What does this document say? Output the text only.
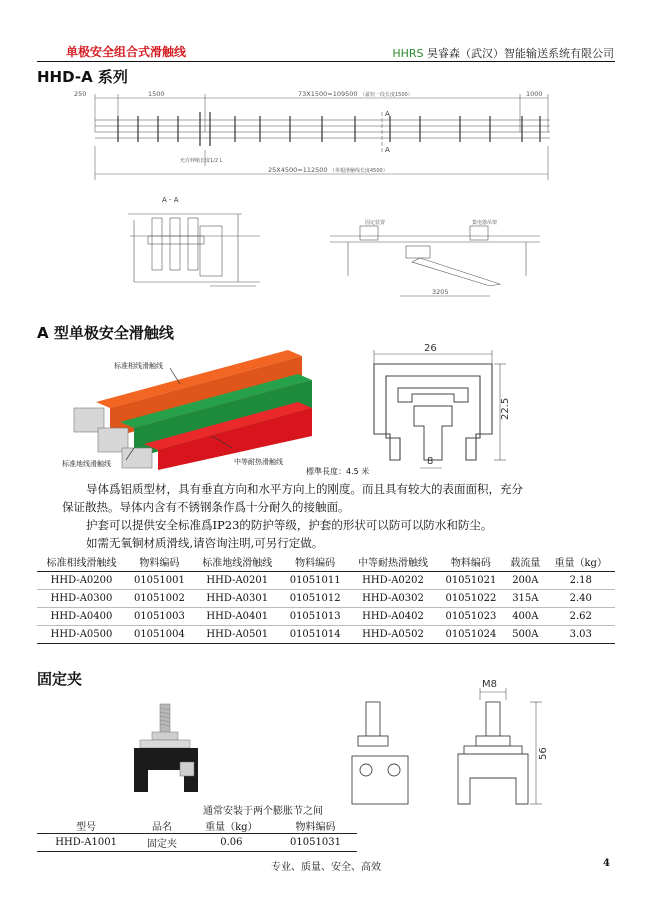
单极安全组合式滑触线	HHRS 昊睿森（武汉）智能输送系统有限公司
HHD-A 系列
250	1500	73X1500=109500 （最短一段长度1500）	1000
A
A
允许伸缩长度1/2 L
25X4500=112500 （单根滑触线长度4500）
A - A
固定装置	集电器吊架
3205
A 型单极安全滑触线
标准相线滑触线
标准地线滑触线	中等耐热滑触线
26
22.5
8
標準長度：4.5 米
导体爲铝质型材，具有垂直方向和水平方向上的刚度。而且具有较大的表面面积，充分
保证散热。导体内含有不锈钢条作爲十分耐久的接触面。
护套可以提供安全标准爲IP23的防护等级，护套的形状可以防可以防水和防尘。
如需无氧铜材质滑线,请咨询注明,可另行定做。
标准相线滑触线	物料编码	标准地线滑触线	物料编码	中等耐热滑触线	物料编码	载流量	重量（kg）
HHD-A0200	01051001	HHD-A0201	01051011	HHD-A0202	01051021	200A	2.18
HHD-A0300	01051002	HHD-A0301	01051012	HHD-A0302	01051022	315A	2.40
HHD-A0400	01051003	HHD-A0401	01051013	HHD-A0402	01051023	400A	2.62
HHD-A0500	01051004	HHD-A0501	01051014	HHD-A0502	01051024	500A	3.03
固定夹	M8
56
通常安装于两个膨胀节之间
型号	品名	重量（kg）	物料编码
HHD-A1001	固定夹	0.06	01051031
专业、质量、安全、高效	4
